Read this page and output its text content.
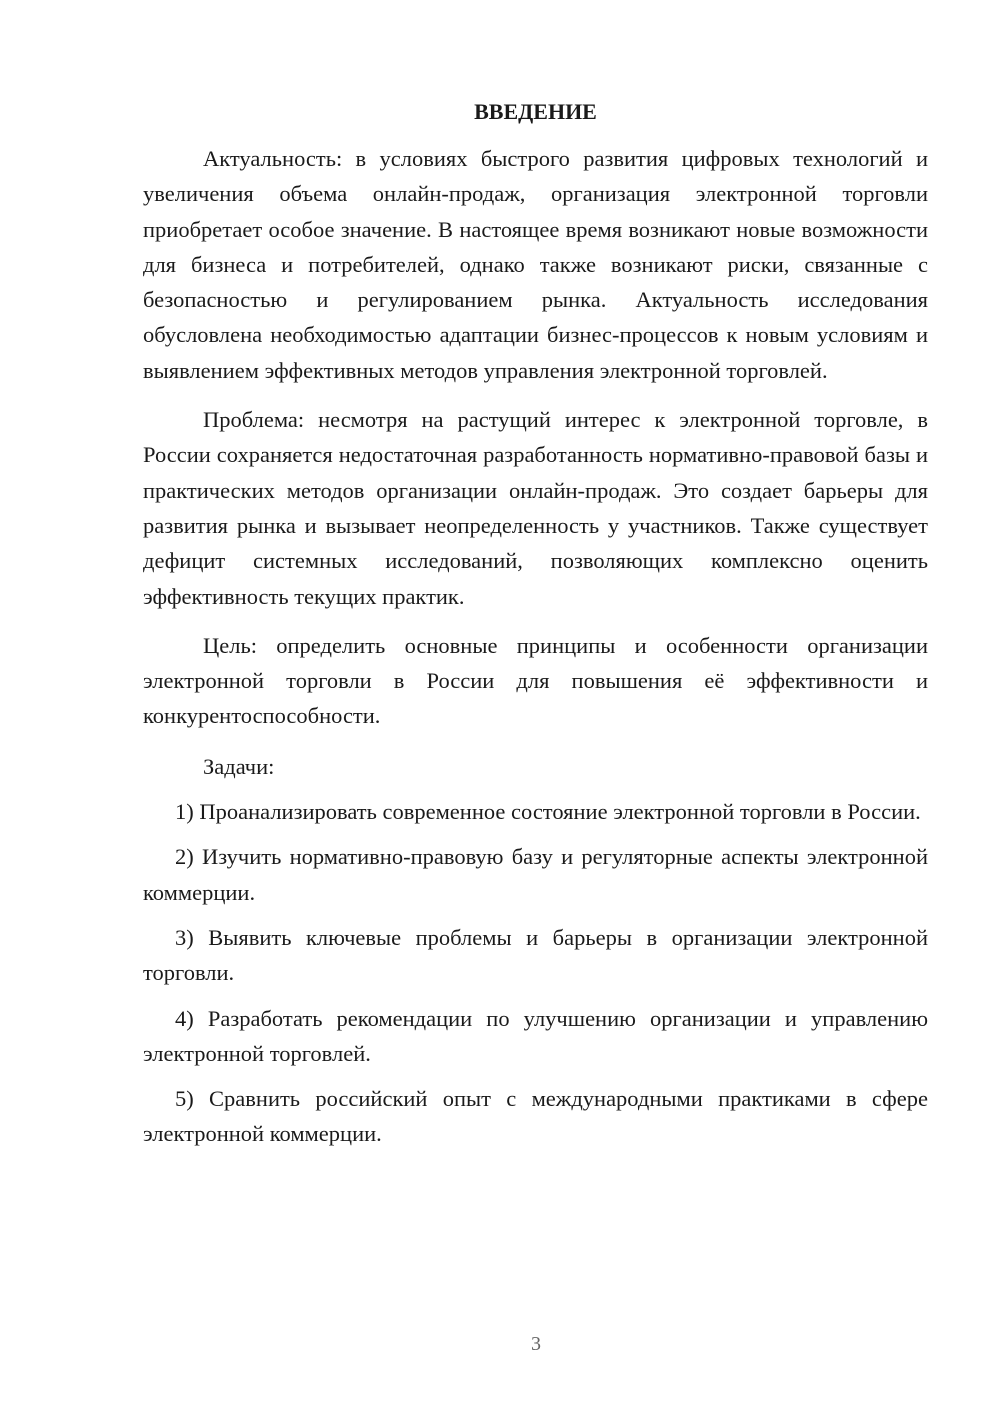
ВВЕДЕНИЕ

Актуальность: в условиях быстрого развития цифровых технологий и увеличения объема онлайн-продаж, организация электронной торговли приобретает особое значение. В настоящее время возникают новые возможности для бизнеса и потребителей, однако также возникают риски, связанные с безопасностью и регулированием рынка. Актуальность исследования обусловлена необходимостью адаптации бизнес-процессов к новым условиям и выявлением эффективных методов управления электронной торговлей.

Проблема: несмотря на растущий интерес к электронной торговле, в России сохраняется недостаточная разработанность нормативно-правовой базы и практических методов организации онлайн-продаж. Это создает барьеры для развития рынка и вызывает неопределенность у участников. Также существует дефицит системных исследований, позволяющих комплексно оценить эффективность текущих практик.

Цель: определить основные принципы и особенности организации электронной торговли в России для повышения её эффективности и конкурентоспособности.

Задачи:

1) Проанализировать современное состояние электронной торговли в России.

2) Изучить нормативно-правовую базу и регуляторные аспекты электронной коммерции.

3) Выявить ключевые проблемы и барьеры в организации электронной торговли.

4) Разработать рекомендации по улучшению организации и управлению электронной торговлей.

5) Сравнить российский опыт с международными практиками в сфере электронной коммерции.

3
